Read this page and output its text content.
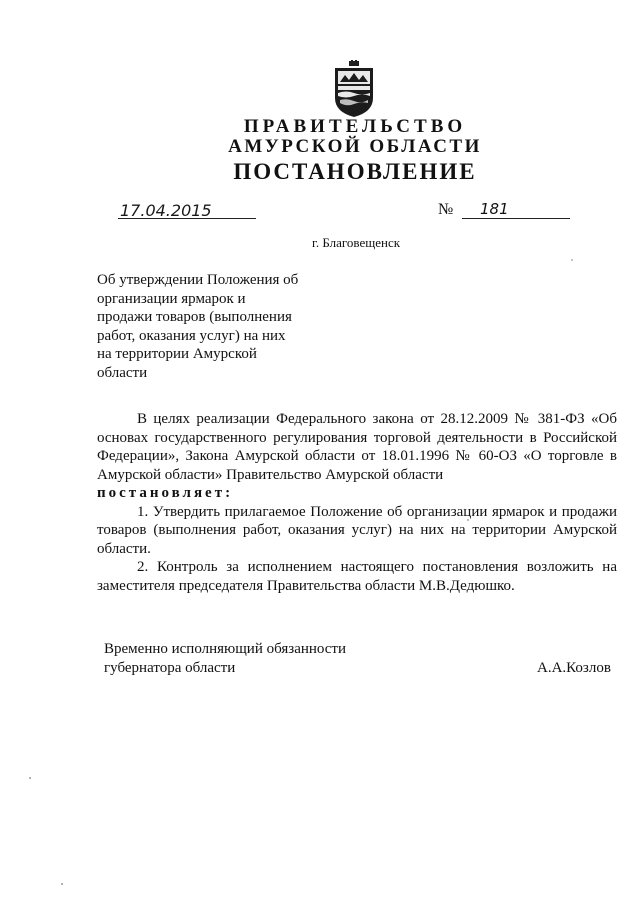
ПРАВИТЕЛЬСТВО
АМУРСКОЙ ОБЛАСТИ
ПОСТАНОВЛЕНИЕ
17.04.2015	№ 181
г. Благовещенск
Об утверждении Положения об
организации ярмарок и
продажи товаров (выполнения
работ, оказания услуг) на них
на территории Амурской
области

В целях реализации Федерального закона от 28.12.2009 № 381-ФЗ «Об основах государственного регулирования торговой деятельности в Российской Федерации», Закона Амурской области от 18.01.1996 № 60-ОЗ «О торговле в Амурской области» Правительство Амурской области

постановляет:

1. Утвердить прилагаемое Положение об организации ярмарок и продажи товаров (выполнения работ, оказания услуг) на них на территории Амурской области.

2. Контроль за исполнением настоящего постановления возложить на заместителя председателя Правительства области М.В.Дедюшко.

Временно исполняющий обязанности
губернатора области	А.А.Козлов
